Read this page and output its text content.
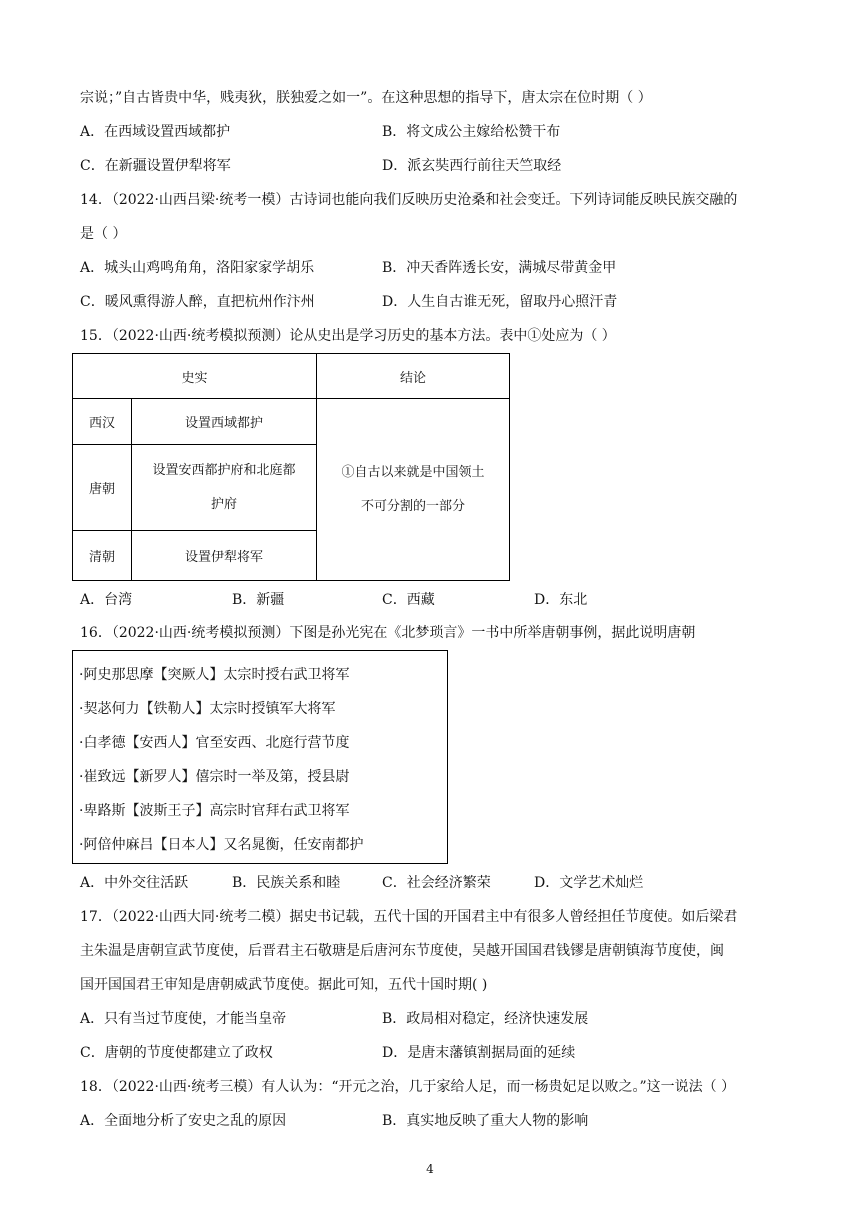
宗说；”自古皆贵中华，贱夷狄，朕独爱之如一”。在这种思想的指导下，唐太宗在位时期（ ）
A．在西域设置西域都护	B．将文成公主嫁给松赞干布
C．在新疆设置伊犁将军	D．派玄奘西行前往天竺取经
14．（2022·山西吕梁·统考一模）古诗词也能向我们反映历史沧桑和社会变迁。下列诗词能反映民族交融的
是（ ）
A．城头山鸡鸣角角，洛阳家家学胡乐	B．冲天香阵透长安，满城尽带黄金甲
C．暖风熏得游人醉，直把杭州作汴州	D．人生自古谁无死，留取丹心照汗青
15．（2022·山西·统考模拟预测）论从史出是学习历史的基本方法。表中①处应为（ ）
史实		结论
西汉	设置西域都护	①自古以来就是中国领土
不可分割的一部分

唐朝	设置安西都护府和北庭都
护府	

清朝	设置伊犁将军	
A．台湾	B．新疆	C．西藏	D．东北
16．（2022·山西·统考模拟预测）下图是孙光宪在《北梦琐言》一书中所举唐朝事例，据此说明唐朝
·阿史那思摩【突厥人】太宗时授右武卫将军
·契苾何力【铁勒人】太宗时授镇军大将军
·白孝德【安西人】官至安西、北庭行营节度
·崔致远【新罗人】僖宗时一举及第，授县尉
·卑路斯【波斯王子】高宗时官拜右武卫将军
·阿倍仲麻吕【日本人】又名晁衡，任安南都护
A．中外交往活跃	B．民族关系和睦	C．社会经济繁荣	D．文学艺术灿烂
17．（2022·山西大同·统考二模）据史书记载，五代十国的开国君主中有很多人曾经担任节度使。如后梁君
主朱温是唐朝宣武节度使，后晋君主石敬瑭是后唐河东节度使，吴越开国国君钱镠是唐朝镇海节度使，闽
国开国国君王审知是唐朝威武节度使。据此可知，五代十国时期( )
A．只有当过节度使，才能当皇帝	B．政局相对稳定，经济快速发展
C．唐朝的节度使都建立了政权	D．是唐末藩镇割据局面的延续
18．（2022·山西·统考三模）有人认为：“开元之治，几于家给人足，而一杨贵妃足以败之。”这一说法（ ）
A．全面地分析了安史之乱的原因	B．真实地反映了重大人物的影响
4
